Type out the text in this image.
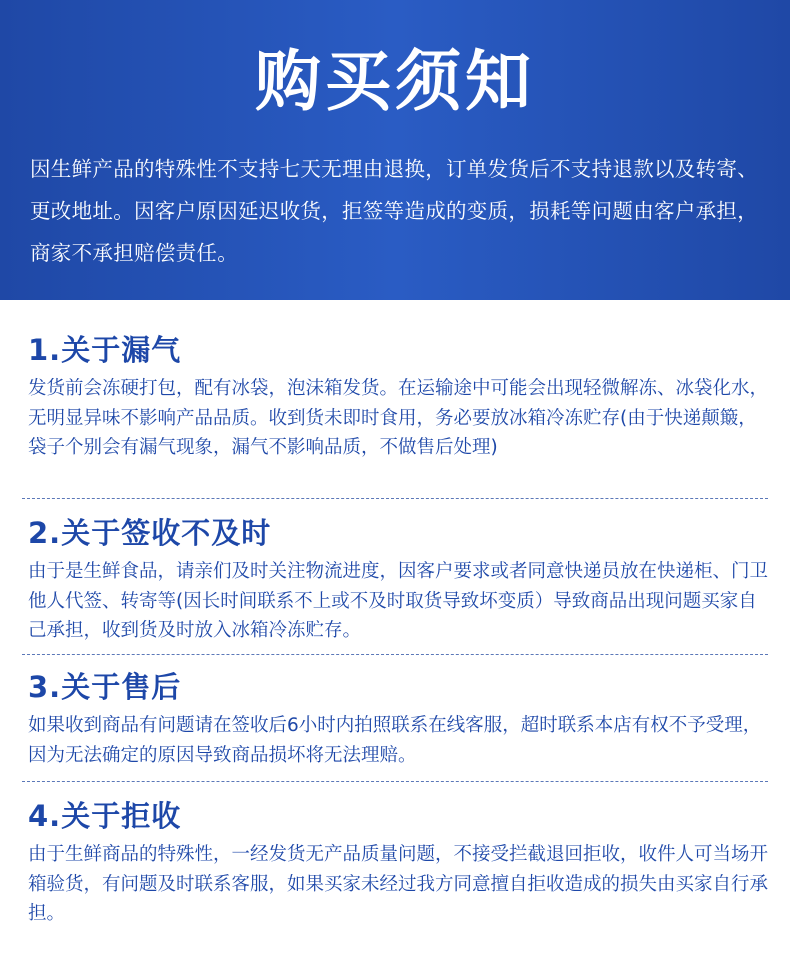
购买须知
因生鲜产品的特殊性不支持七天无理由退换，订单发货后不支持退款以及转寄、更改地址。因客户原因延迟收货，拒签等造成的变质，损耗等问题由客户承担，商家不承担赔偿责任。
1.关于漏气
发货前会冻硬打包，配有冰袋，泡沫箱发货。在运输途中可能会出现轻微解冻、冰袋化水，无明显异味不影响产品品质。收到货未即时食用，务必要放冰箱冷冻贮存(由于快递颠簸，袋子个别会有漏气现象，漏气不影响品质，不做售后处理)
2.关于签收不及时
由于是生鲜食品，请亲们及时关注物流进度，因客户要求或者同意快递员放在快递柜、门卫他人代签、转寄等(因长时间联系不上或不及时取货导致坏变质）导致商品出现问题买家自己承担，收到货及时放入冰箱冷冻贮存。
3.关于售后
如果收到商品有问题请在签收后6小时内拍照联系在线客服，超时联系本店有权不予受理，因为无法确定的原因导致商品损坏将无法理赔。
4.关于拒收
由于生鲜商品的特殊性，一经发货无产品质量问题，不接受拦截退回拒收，收件人可当场开箱验货，有问题及时联系客服，如果买家未经过我方同意擅自拒收造成的损失由买家自行承担。
